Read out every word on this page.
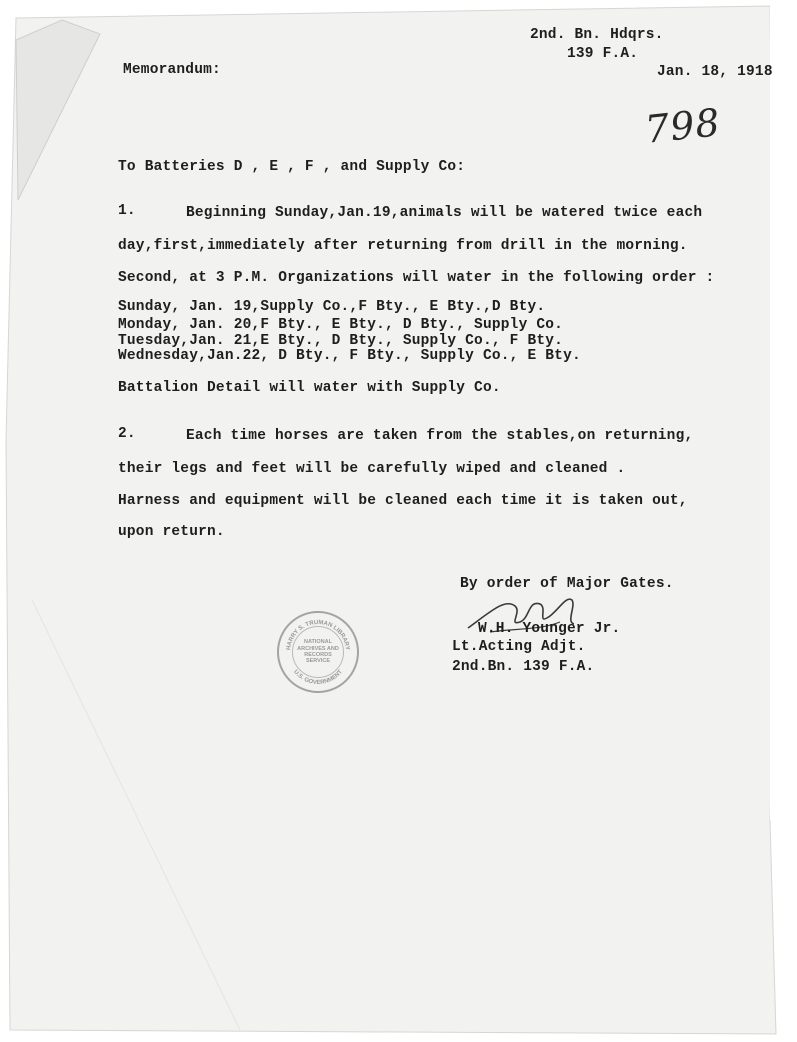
2nd. Bn. Hdqrs.
139 F.A.
Memorandum:	Jan. 18, 1918
798
To Batteries D , E , F , and Supply Co:
1.	Beginning Sunday,Jan.19,animals will be watered twice each
day,first,immediately after returning from drill in the morning.
Second, at 3 P.M. Organizations will water in the following order :
Sunday, Jan. 19,Supply Co.,F Bty., E Bty.,D Bty.
Monday, Jan. 20,F Bty., E Bty., D Bty., Supply Co.
Tuesday,Jan. 21,E Bty., D Bty., Supply Co., F Bty.
Wednesday,Jan.22, D Bty., F Bty., Supply Co., E Bty.
Battalion Detail will water with Supply Co.
2.	Each time horses are taken from the stables,on returning,
their legs and feet will be carefully wiped and cleaned .
Harness and equipment will be cleaned each time it is taken out,
upon return.
By order of Major Gates.
W.H. Younger Jr.
Lt.Acting Adjt.
2nd.Bn. 139 F.A.
HARRY S. TRUMAN LIBRARY
U.S. GOVERNMENT
NATIONAL
ARCHIVES AND
RECORDS
SERVICE
